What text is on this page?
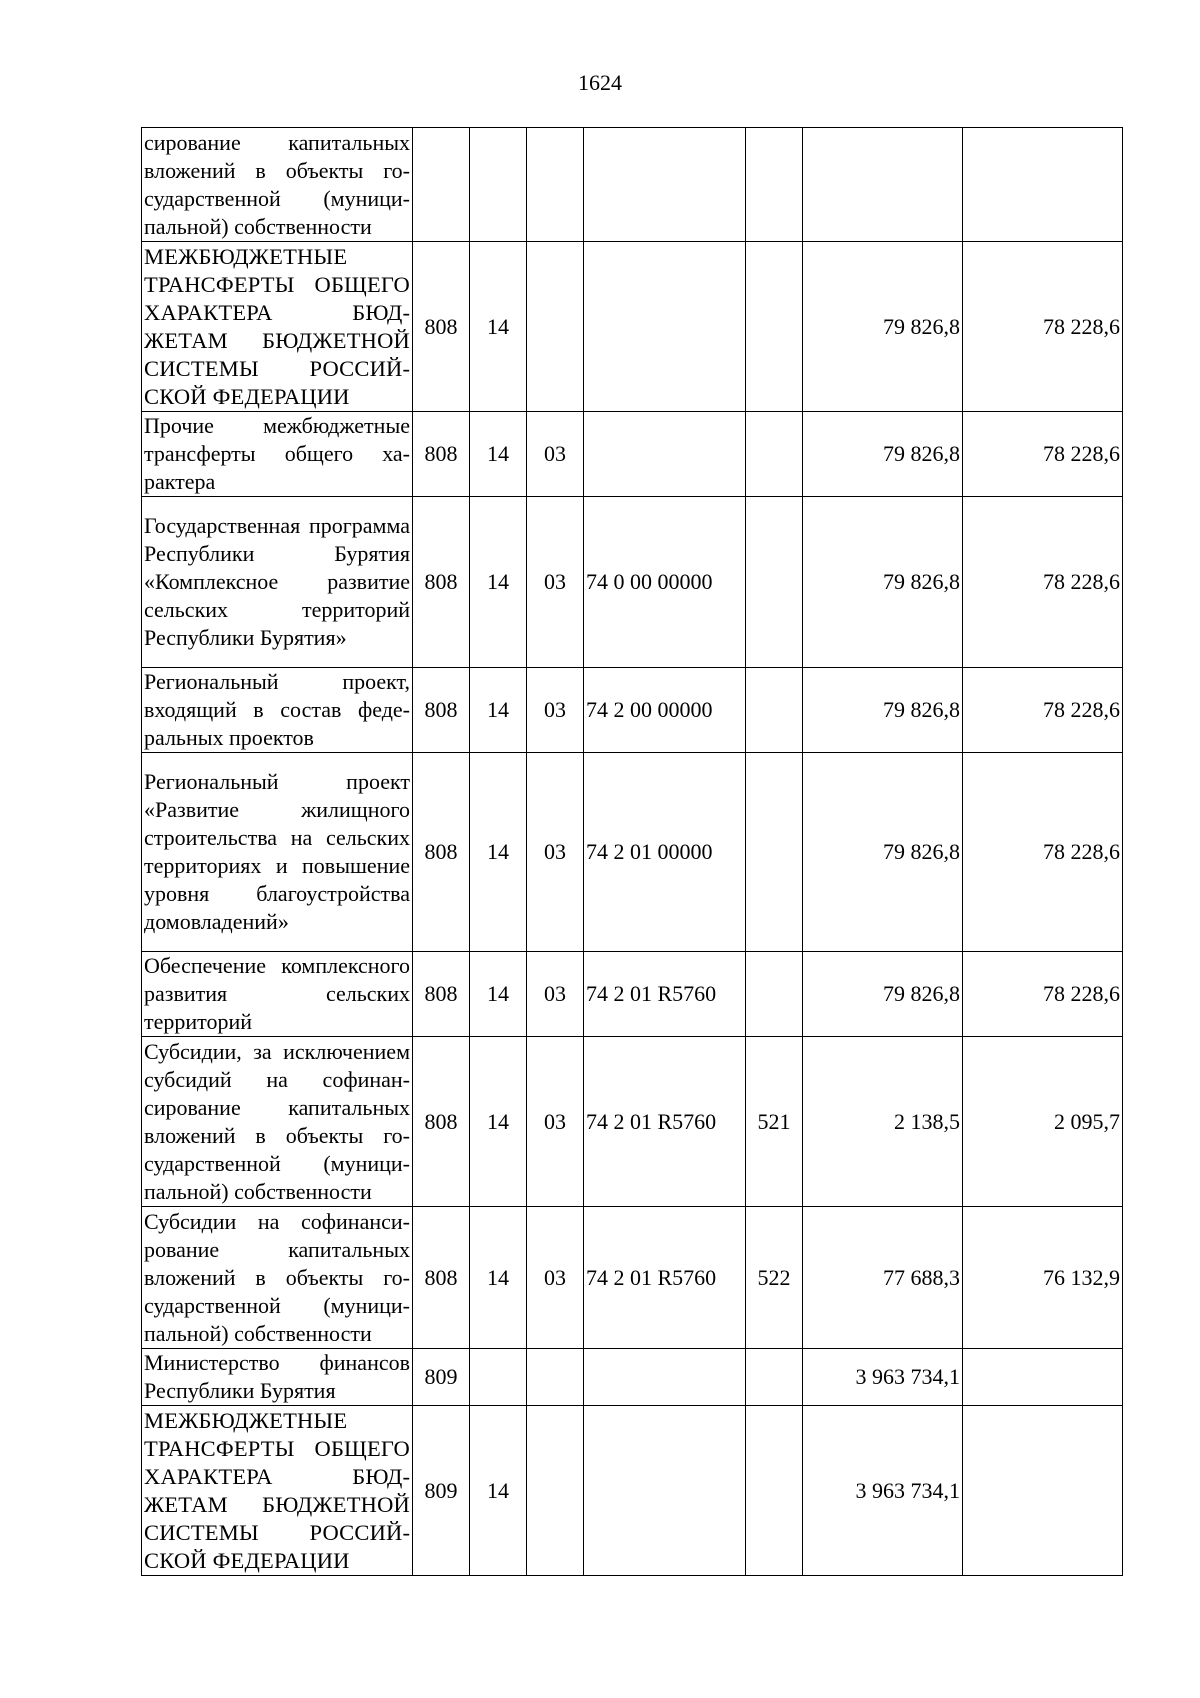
1624
сирование капитальных вложений в объекты государственной (муниципальной) собственности							
МЕЖБЮДЖЕТНЫЕ ТРАНСФЕРТЫ ОБЩЕГО ХАРАКТЕРА БЮДЖЕТАМ БЮДЖЕТНОЙ СИСТЕМЫ РОССИЙСКОЙ ФЕДЕРАЦИИ	808	14				79 826,8	78 228,6
Прочие межбюджетные трансферты общего характера	808	14	03			79 826,8	78 228,6
Государственная программа Республики Бурятия «Комплексное развитие сельских территорий Республики Бурятия»	808	14	03	74 0 00 00000		79 826,8	78 228,6
Региональный проект, входящий в состав федеральных проектов	808	14	03	74 2 00 00000		79 826,8	78 228,6
Региональный проект «Развитие жилищного строительства на сельских территориях и повышение уровня благоустройства домовладений»	808	14	03	74 2 01 00000		79 826,8	78 228,6
Обеспечение комплексного развития сельских территорий	808	14	03	74 2 01 R5760		79 826,8	78 228,6
Субсидии, за исключением субсидий на софинансирование капитальных вложений в объекты государственной (муниципальной) собственности	808	14	03	74 2 01 R5760	521	2 138,5	2 095,7
Субсидии на софинансирование капитальных вложений в объекты государственной (муниципальной) собственности	808	14	03	74 2 01 R5760	522	77 688,3	76 132,9
Министерство финансов Республики Бурятия	809					3 963 734,1	
МЕЖБЮДЖЕТНЫЕ ТРАНСФЕРТЫ ОБЩЕГО ХАРАКТЕРА БЮДЖЕТАМ БЮДЖЕТНОЙ СИСТЕМЫ РОССИЙСКОЙ ФЕДЕРАЦИИ	809	14				3 963 734,1	
